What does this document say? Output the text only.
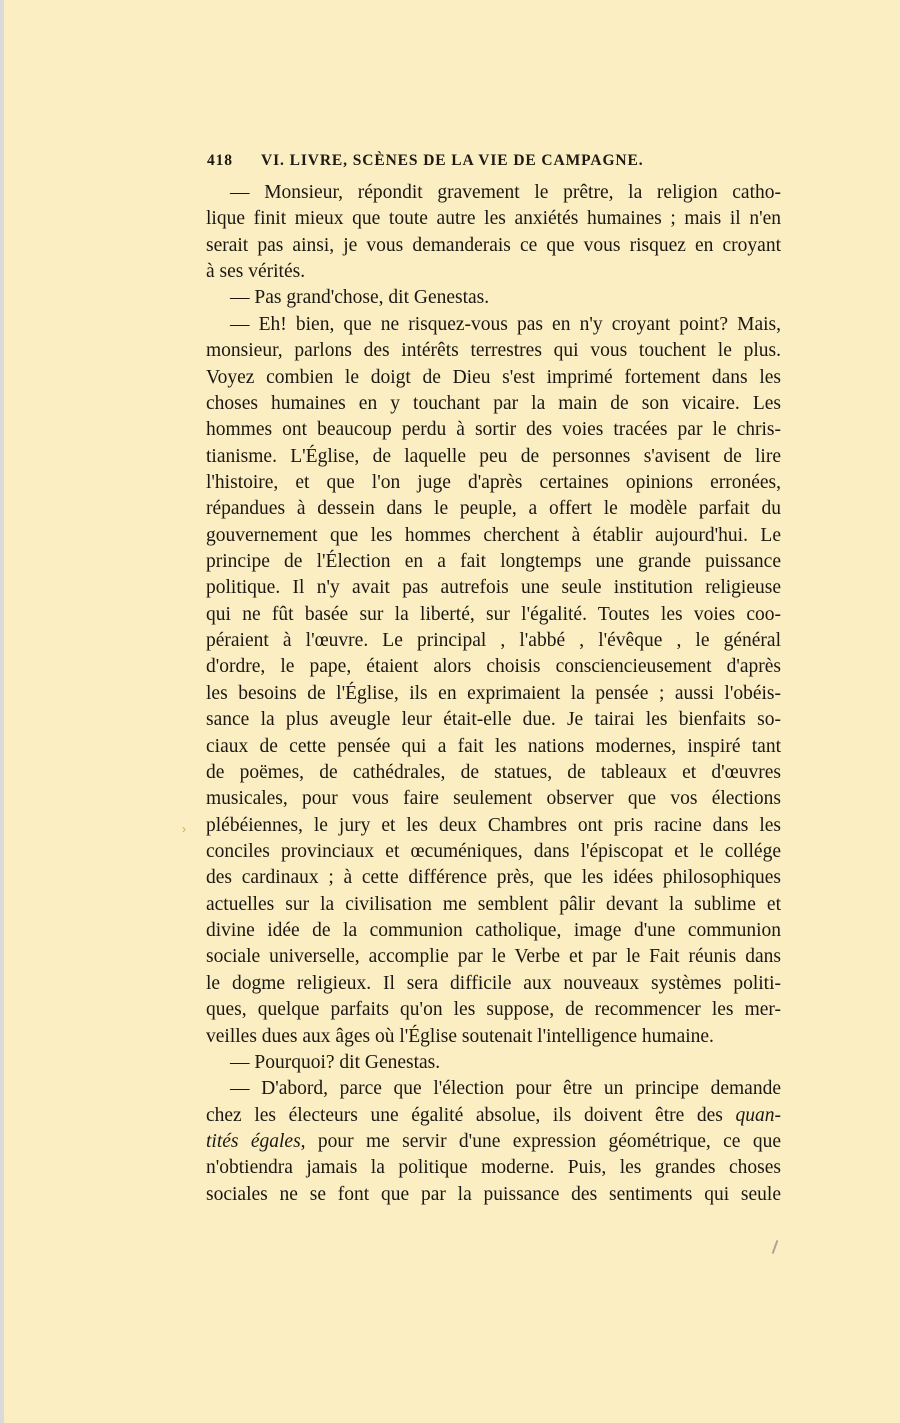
418 VI. LIVRE, SCÈNES DE LA VIE DE CAMPAGNE.
— Monsieur, répondit gravement le prêtre, la religion catho-
lique finit mieux que toute autre les anxiétés humaines ; mais il n'en
serait pas ainsi, je vous demanderais ce que vous risquez en croyant
à ses vérités.
— Pas grand'chose, dit Genestas.
— Eh! bien, que ne risquez-vous pas en n'y croyant point? Mais,
monsieur, parlons des intérêts terrestres qui vous touchent le plus.
Voyez combien le doigt de Dieu s'est imprimé fortement dans les
choses humaines en y touchant par la main de son vicaire. Les
hommes ont beaucoup perdu à sortir des voies tracées par le chris-
tianisme. L'Église, de laquelle peu de personnes s'avisent de lire
l'histoire, et que l'on juge d'après certaines opinions erronées,
répandues à dessein dans le peuple, a offert le modèle parfait du
gouvernement que les hommes cherchent à établir aujourd'hui. Le
principe de l'Élection en a fait longtemps une grande puissance
politique. Il n'y avait pas autrefois une seule institution religieuse
qui ne fût basée sur la liberté, sur l'égalité. Toutes les voies coo-
péraient à l'œuvre. Le principal , l'abbé , l'évêque , le général
d'ordre, le pape, étaient alors choisis consciencieusement d'après
les besoins de l'Église, ils en exprimaient la pensée ; aussi l'obéis-
sance la plus aveugle leur était-elle due. Je tairai les bienfaits so-
ciaux de cette pensée qui a fait les nations modernes, inspiré tant
de poëmes, de cathédrales, de statues, de tableaux et d'œuvres
musicales, pour vous faire seulement observer que vos élections
plébéiennes, le jury et les deux Chambres ont pris racine dans les
conciles provinciaux et œcuméniques, dans l'épiscopat et le collége
des cardinaux ; à cette différence près, que les idées philosophiques
actuelles sur la civilisation me semblent pâlir devant la sublime et
divine idée de la communion catholique, image d'une communion
sociale universelle, accomplie par le Verbe et par le Fait réunis dans
le dogme religieux. Il sera difficile aux nouveaux systèmes politi-
ques, quelque parfaits qu'on les suppose, de recommencer les mer-
veilles dues aux âges où l'Église soutenait l'intelligence humaine.
— Pourquoi? dit Genestas.
— D'abord, parce que l'élection pour être un principe demande
chez les électeurs une égalité absolue, ils doivent être des quan-
tités égales, pour me servir d'une expression géométrique, ce que
n'obtiendra jamais la politique moderne. Puis, les grandes choses
sociales ne se font que par la puissance des sentiments qui seule
›
